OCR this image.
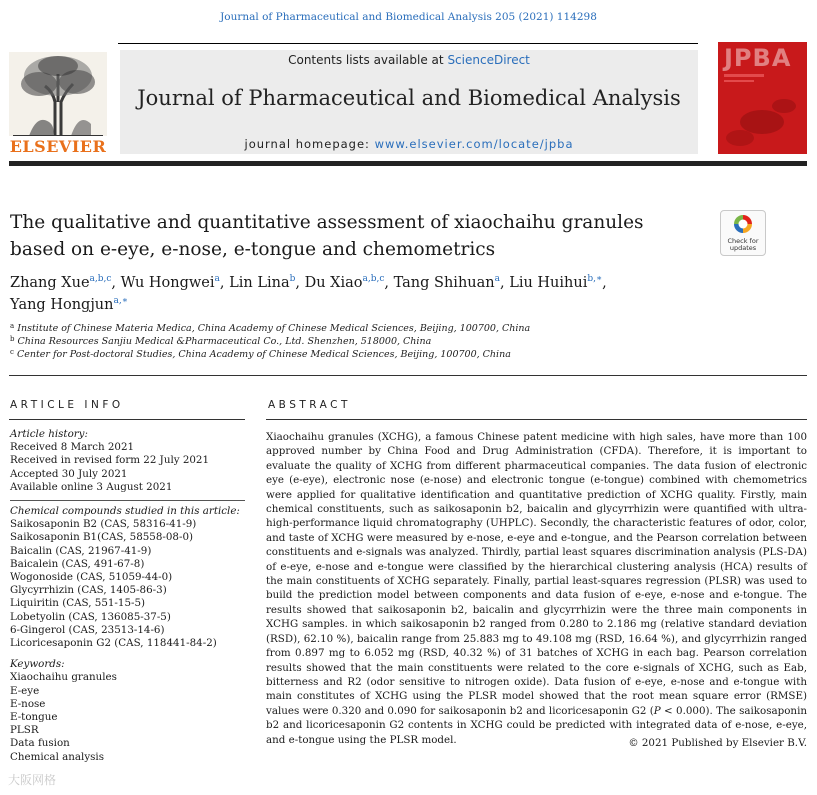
Journal of Pharmaceutical and Biomedical Analysis 205 (2021) 114298
ELSEVIER
Contents lists available at ScienceDirect
Journal of Pharmaceutical and Biomedical Analysis
journal homepage: www.elsevier.com/locate/jpba
JPBA
The qualitative and quantitative assessment of xiaochaihu granules
based on e-eye, e-nose, e-tongue and chemometrics	Check for
updates
Zhang Xue$^{a,b,c}$, Wu Hongwei$^a$, Lin Lina$^b$, Du Xiao$^{a,b,c}$, Tang Shihuan$^a$, Liu Huihui$^{b,∗}$,
Yang Hongjun$^{a,∗}$
$^a$ Institute of Chinese Materia Medica, China Academy of Chinese Medical Sciences, Beijing, 100700, China
$^b$ China Resources Sanjiu Medical &Pharmaceutical Co., Ltd. Shenzhen, 518000, China
$^c$ Center for Post-doctoral Studies, China Academy of Chinese Medical Sciences, Beijing, 100700, China
ARTICLE INFO	ABSTRACT
Article history:
Received 8 March 2021
Received in revised form 22 July 2021
Accepted 30 July 2021
Available online 3 August 2021
Chemical compounds studied in this article:
Saikosaponin B2 (CAS, 58316-41-9)
Saikosaponin B1(CAS, 58558-08-0)
Baicalin (CAS, 21967-41-9)
Baicalein (CAS, 491-67-8)
Wogonoside (CAS, 51059-44-0)
Glycyrrhizin (CAS, 1405-86-3)
Liquiritin (CAS, 551-15-5)
Lobetyolin (CAS, 136085-37-5)
6-Gingerol (CAS, 23513-14-6)
Licoricesaponin G2 (CAS, 118441-84-2)
Keywords:
Xiaochaihu granules
E-eye
E-nose
E-tongue
PLSR
Data fusion
Chemical analysis
Xiaochaihu granules (XCHG), a famous Chinese patent medicine with high sales, have more than 100 approved number by China Food and Drug Administration (CFDA). Therefore, it is important to evaluate the quality of XCHG from different pharmaceutical companies. The data fusion of electronic eye (e-eye), electronic nose (e-nose) and electronic tongue (e-tongue) combined with chemometrics were applied for qualitative identification and quantitative prediction of XCHG quality. Firstly, main chemical constituents, such as saikosaponin b2, baicalin and glycyrrhizin were quantified with ultra-high-performance liquid chromatography (UHPLC). Secondly, the characteristic features of odor, color, and taste of XCHG were measured by e-nose, e-eye and e-tongue, and the Pearson correlation between constituents and e-signals was analyzed. Thirdly, partial least squares discrimination analysis (PLS-DA) of e-eye, e-nose and e-tongue were classified by the hierarchical clustering analysis (HCA) results of the main constituents of XCHG separately. Finally, partial least-squares regression (PLSR) was used to build the prediction model between components and data fusion of e-eye, e-nose and e-tongue. The results showed that saikosaponin b2, baicalin and glycyrrhizin were the three main components in XCHG samples. in which saikosaponin b2 ranged from 0.280 to 2.186 mg (relative standard deviation (RSD), 62.10 %), baicalin range from 25.883 mg to 49.108 mg (RSD, 16.64 %), and glycyrrhizin ranged from 0.897 mg to 6.052 mg (RSD, 40.32 %) of 31 batches of XCHG in each bag. Pearson correlation results showed that the main constituents were related to the core e-signals of XCHG, such as Eab, bitterness and R2 (odor sensitive to nitrogen oxide). Data fusion of e-eye, e-nose and e-tongue with main constitutes of XCHG using the PLSR model showed that the root mean square error (RMSE) values were 0.320 and 0.090 for saikosaponin b2 and licoricesaponin G2 (P < 0.000). The saikosaponin b2 and licoricesaponin G2 contents in XCHG could be predicted with integrated data of e-nose, e-eye, and e-tongue using the PLSR model.	© 2021 Published by Elsevier B.V.
大阪网格
